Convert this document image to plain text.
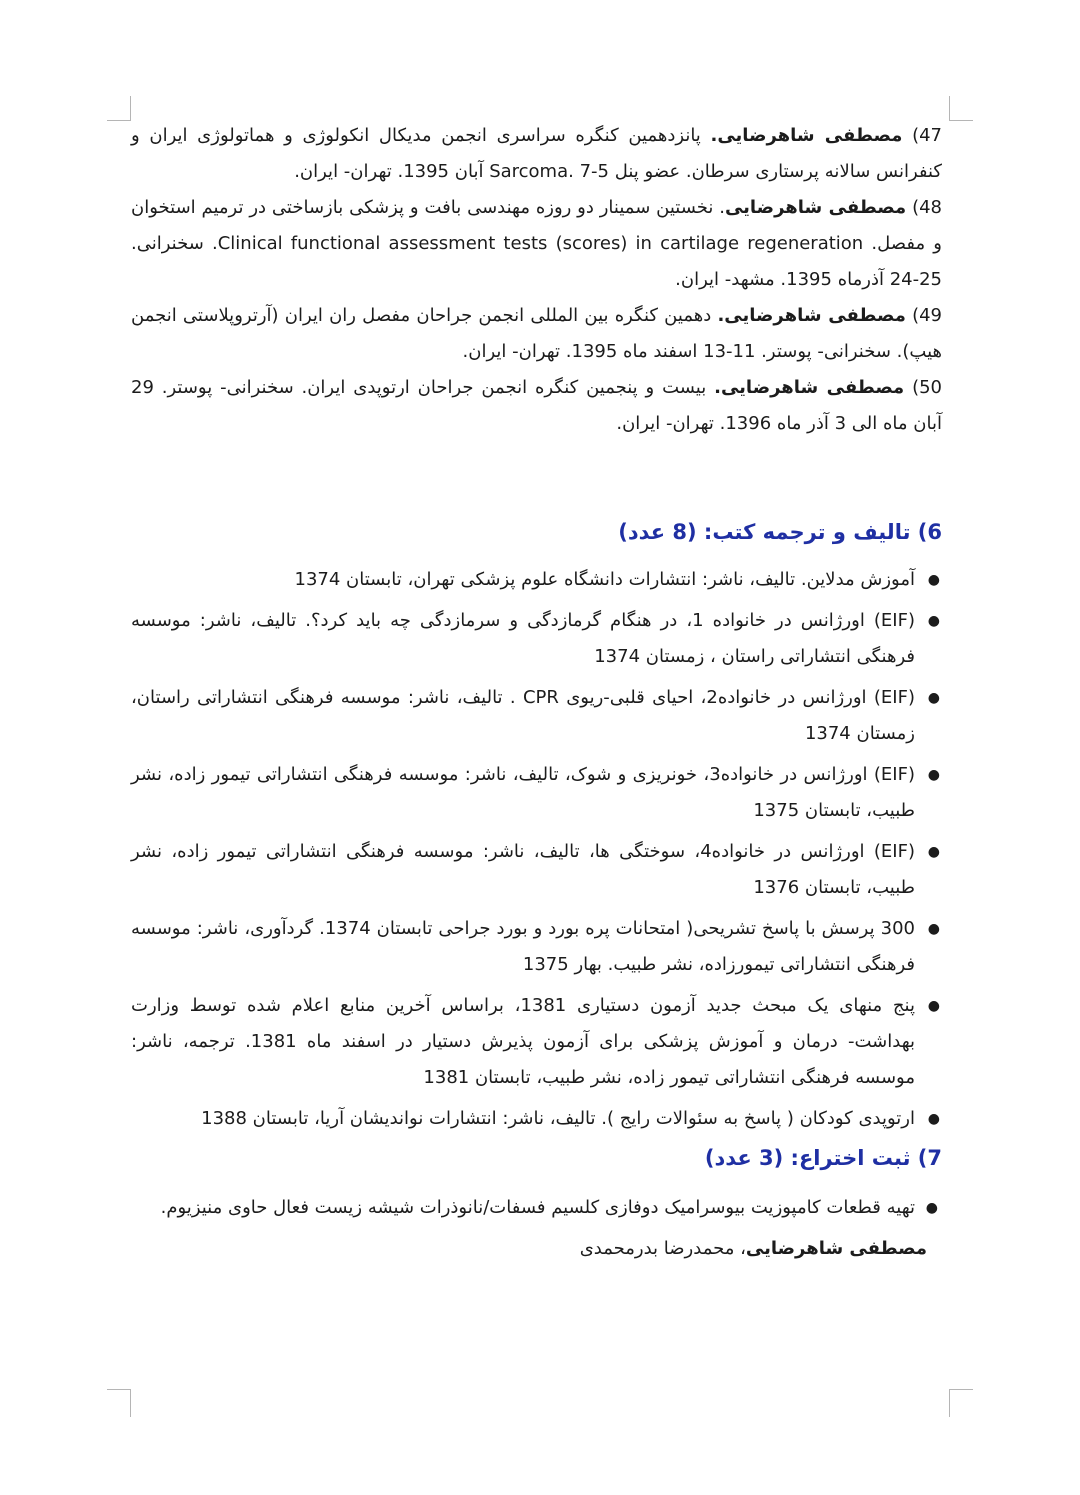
47) مصطفی شاهرضایی. پانزدهمین کنگره سراسری انجمن مدیکال انکولوژی و هماتولوژی ایران و کنفرانس سالانه پرستاری سرطان. عضو پنل Sarcoma. 7-5 آبان 1395. تهران- ایران.

48) مصطفی شاهرضایی. نخستین سمینار دو روزه مهندسی بافت و پزشکی بازساختی در ترمیم استخوان و مفصل. Clinical functional assessment tests (scores) in cartilage regeneration. سخنرانی. 25-24 آذرماه 1395. مشهد- ایران.

49) مصطفی شاهرضایی. دهمین کنگره بین المللی انجمن جراحان مفصل ران ایران (آرتروپلاستی انجمن هیپ). سخنرانی- پوستر. 11-13 اسفند ماه 1395. تهران- ایران.

50) مصطفی شاهرضایی. بیست و پنجمین کنگره انجمن جراحان ارتوپدی ایران. سخنرانی- پوستر. 29 آبان ماه الی 3 آذر ماه 1396. تهران- ایران.

6) تالیف و ترجمه کتب: (8 عدد)
●
آموزش مدلاین. تالیف، ناشر: انتشارات دانشگاه علوم پزشکی تهران، تابستان 1374
●
(EIF) اورژانس در خانواده 1، در هنگام گرمازدگی و سرمازدگی چه باید کرد؟. تالیف، ناشر: موسسه فرهنگی انتشاراتی راستان ، زمستان 1374
●
(EIF) اورژانس در خانواده2، احیای قلبی-ریوی CPR . تالیف، ناشر: موسسه فرهنگی انتشاراتی راستان، زمستان 1374
●
(EIF) اورژانس در خانواده3، خونریزی و شوک، تالیف، ناشر: موسسه فرهنگی انتشاراتی تیمور زاده، نشر طبیب، تابستان 1375
●
(EIF) اورژانس در خانواده4، سوختگی ها، تالیف، ناشر: موسسه فرهنگی انتشاراتی تیمور زاده، نشر طبیب، تابستان 1376
●
300 پرسش با پاسخ تشریحی( امتحانات پره بورد و بورد جراحی تابستان 1374. گردآوری، ناشر: موسسه فرهنگی انتشاراتی تیمورزاده، نشر طبیب. بهار 1375
●
پنج منهای یک مبحث جدید آزمون دستیاری 1381، براساس آخرین منابع اعلام شده توسط وزارت بهداشت- درمان و آموزش پزشکی برای آزمون پذیرش دستیار در اسفند ماه 1381. ترجمه، ناشر: موسسه فرهنگی انتشاراتی تیمور زاده، نشر طبیب، تابستان 1381
●
ارتوپدی کودکان ( پاسخ به سئوالات رایج ). تالیف، ناشر: انتشارات نواندیشان آریا، تابستان 1388
7) ثبت اختراع: (3 عدد)
●
تهیه قطعات کامپوزیت بیوسرامیک دوفازی کلسیم فسفات/نانوذرات شیشه زیست فعال حاوی منیزیوم.

مصطفی شاهرضایی، محمدرضا بدرمحمدی
